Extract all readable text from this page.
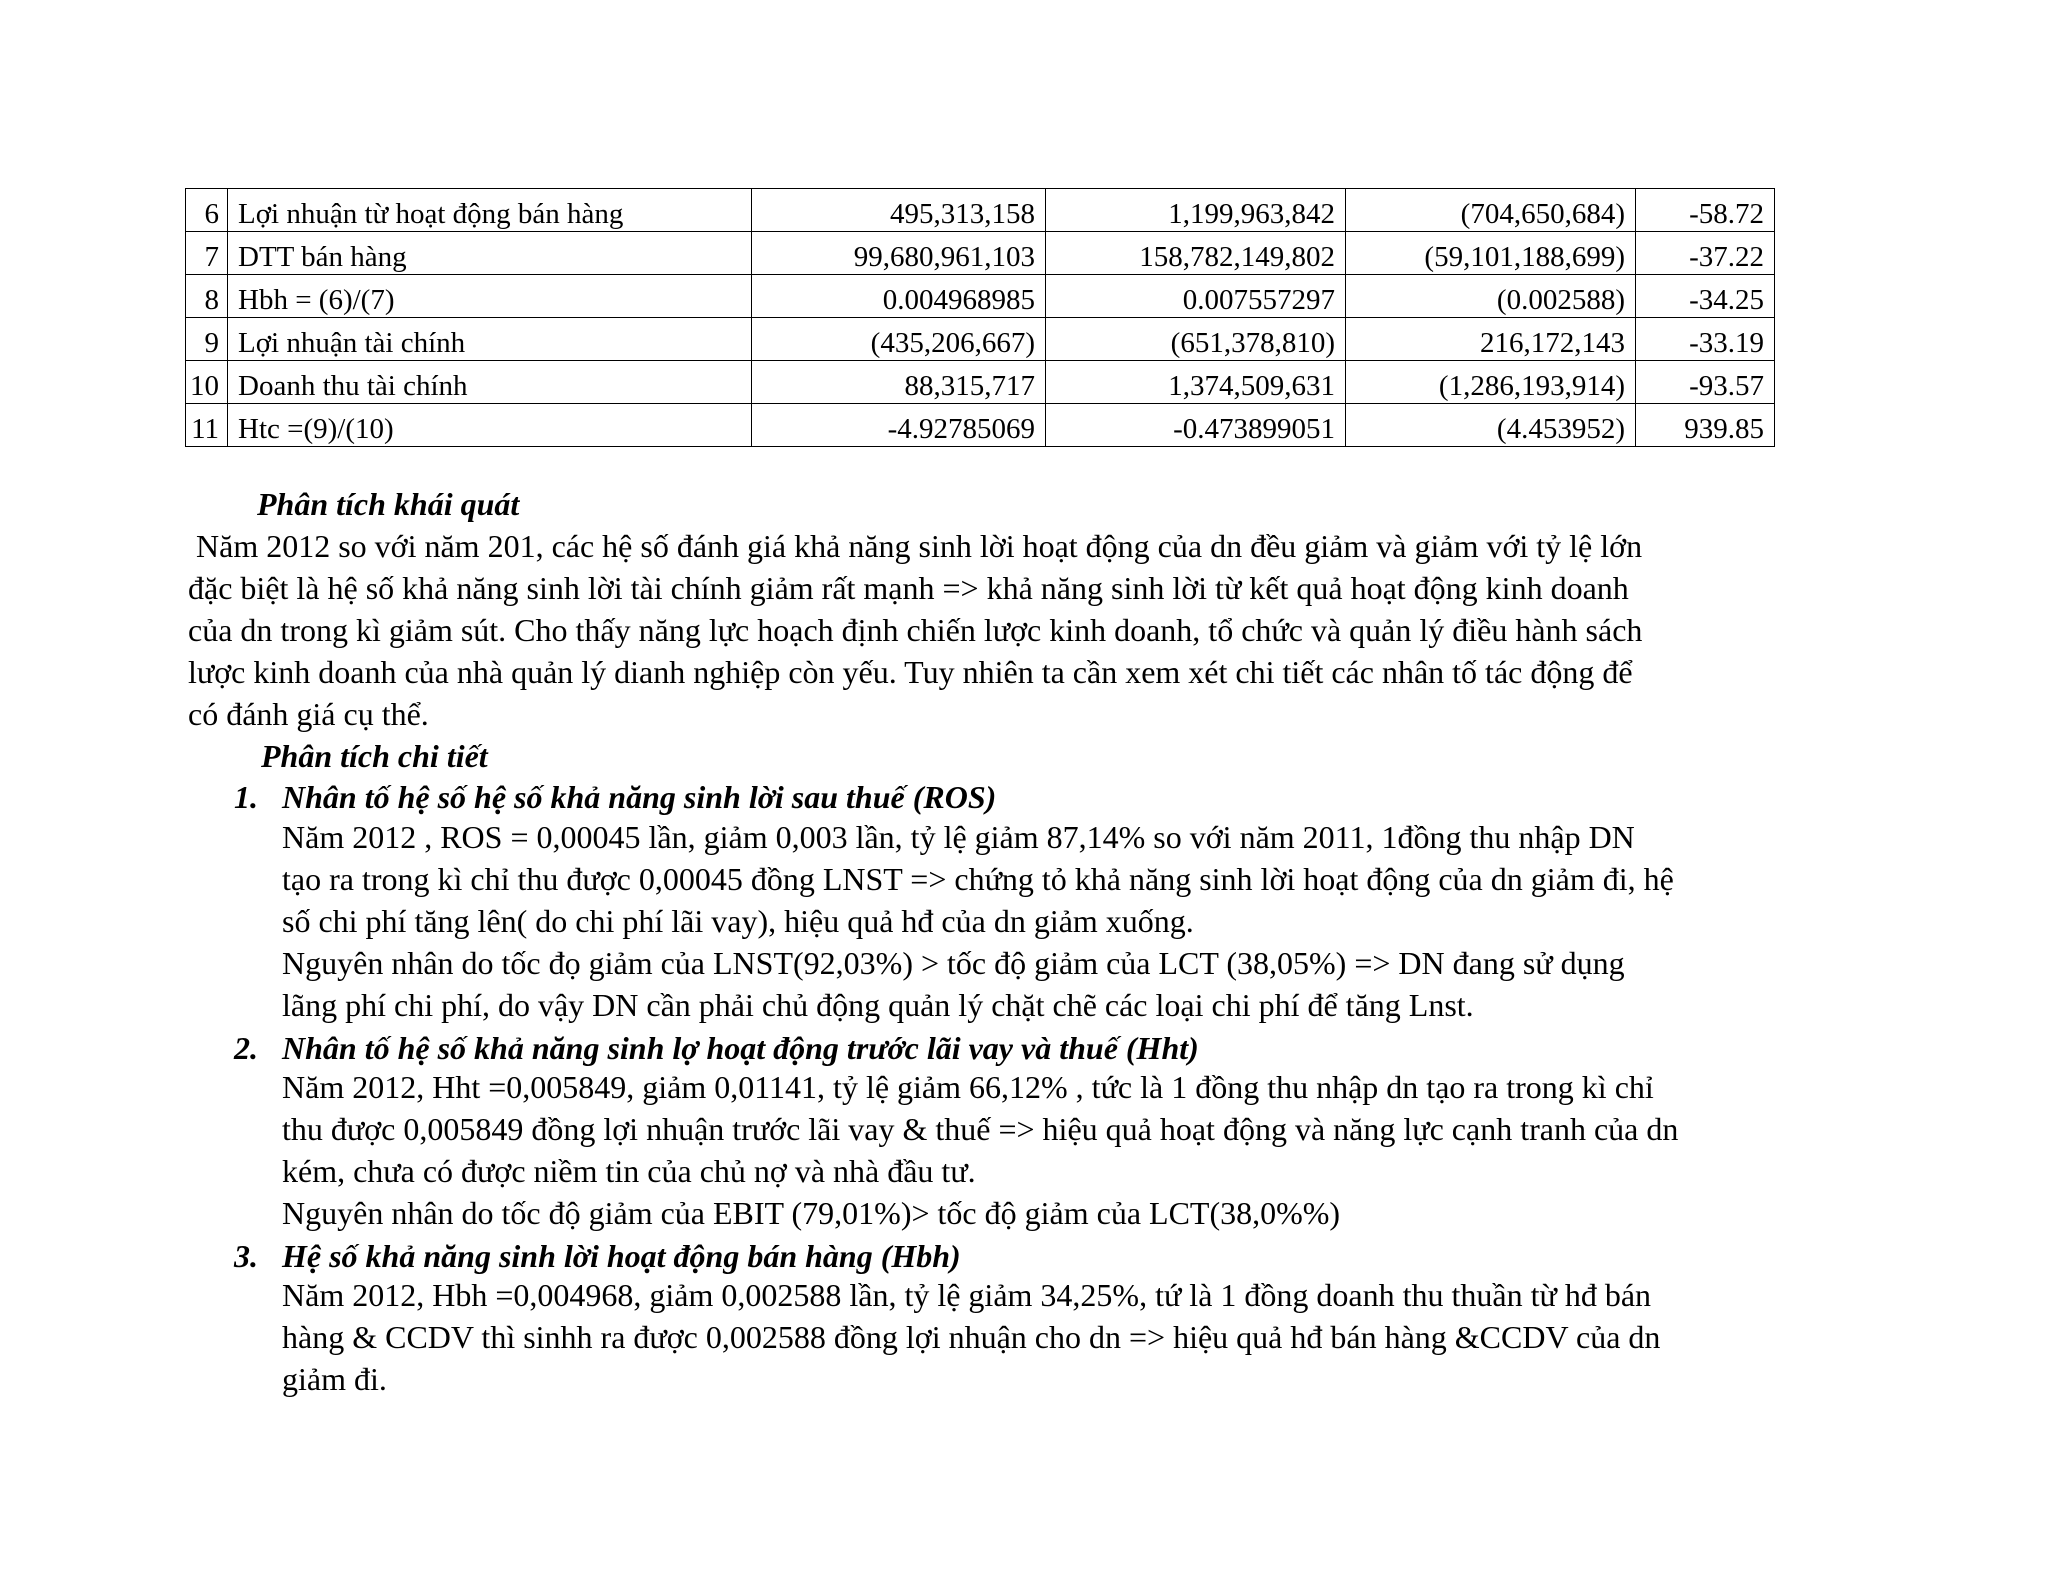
6	Lợi nhuận từ hoạt động bán hàng	495,313,158	1,199,963,842	(704,650,684)	-58.72
7	DTT bán hàng	99,680,961,103	158,782,149,802	(59,101,188,699)	-37.22
8	Hbh = (6)/(7)	0.004968985	0.007557297	(0.002588)	-34.25
9	Lợi nhuận tài chính	(435,206,667)	(651,378,810)	216,172,143	-33.19
10	Doanh thu tài chính	88,315,717	1,374,509,631	(1,286,193,914)	-93.57
11	Htc =(9)/(10)	-4.92785069	-0.473899051	(4.453952)	939.85
Phân tích khái quát
Năm 2012 so với năm 201, các hệ số đánh giá khả năng sinh lời hoạt động của dn đều giảm và giảm với tỷ lệ lớn
đặc biệt là hệ số khả năng sinh lời tài chính giảm rất mạnh => khả năng sinh lời từ kết quả hoạt động kinh doanh
của dn trong kì giảm sút. Cho thấy năng lực hoạch định chiến lược kinh doanh, tổ chức và quản lý điều hành sách
lược kinh doanh của nhà quản lý dianh nghiệp còn yếu. Tuy nhiên ta cần xem xét chi tiết các nhân tố tác động để
có đánh giá cụ thể.
Phân tích chi tiết
1. Nhân tố hệ số hệ số khả năng sinh lời sau thuế (ROS)
Năm 2012 , ROS = 0,00045 lần, giảm 0,003 lần, tỷ lệ giảm 87,14% so với năm 2011, 1đồng thu nhập DN
tạo ra trong kì chỉ thu được 0,00045 đồng LNST => chứng tỏ khả năng sinh lời hoạt động của dn giảm đi, hệ
số chi phí tăng lên( do chi phí lãi vay), hiệu quả hđ của dn giảm xuống.
Nguyên nhân do tốc đọ giảm của LNST(92,03%) > tốc độ giảm của LCT (38,05%) => DN đang sử dụng
lãng phí chi phí, do vậy DN cần phải chủ động quản lý chặt chẽ các loại chi phí để tăng Lnst.
2. Nhân tố hệ số khả năng sinh lợ hoạt động trước lãi vay và thuế (Hht)
Năm 2012, Hht =0,005849, giảm 0,01141, tỷ lệ giảm 66,12% , tức là 1 đồng thu nhập dn tạo ra trong kì chỉ
thu được 0,005849 đồng lợi nhuận trước lãi vay & thuế => hiệu quả hoạt động và năng lực cạnh tranh của dn
kém, chưa có được niềm tin của chủ nợ và nhà đầu tư.
Nguyên nhân do tốc độ giảm của EBIT (79,01%)> tốc độ giảm của LCT(38,0%%)
3. Hệ số khả năng sinh lời hoạt động bán hàng (Hbh)
Năm 2012, Hbh =0,004968, giảm 0,002588 lần, tỷ lệ giảm 34,25%, tứ là 1 đồng doanh thu thuần từ hđ bán
hàng & CCDV thì sinhh ra được 0,002588 đồng lợi nhuận cho dn => hiệu quả hđ bán hàng &CCDV của dn
giảm đi.
